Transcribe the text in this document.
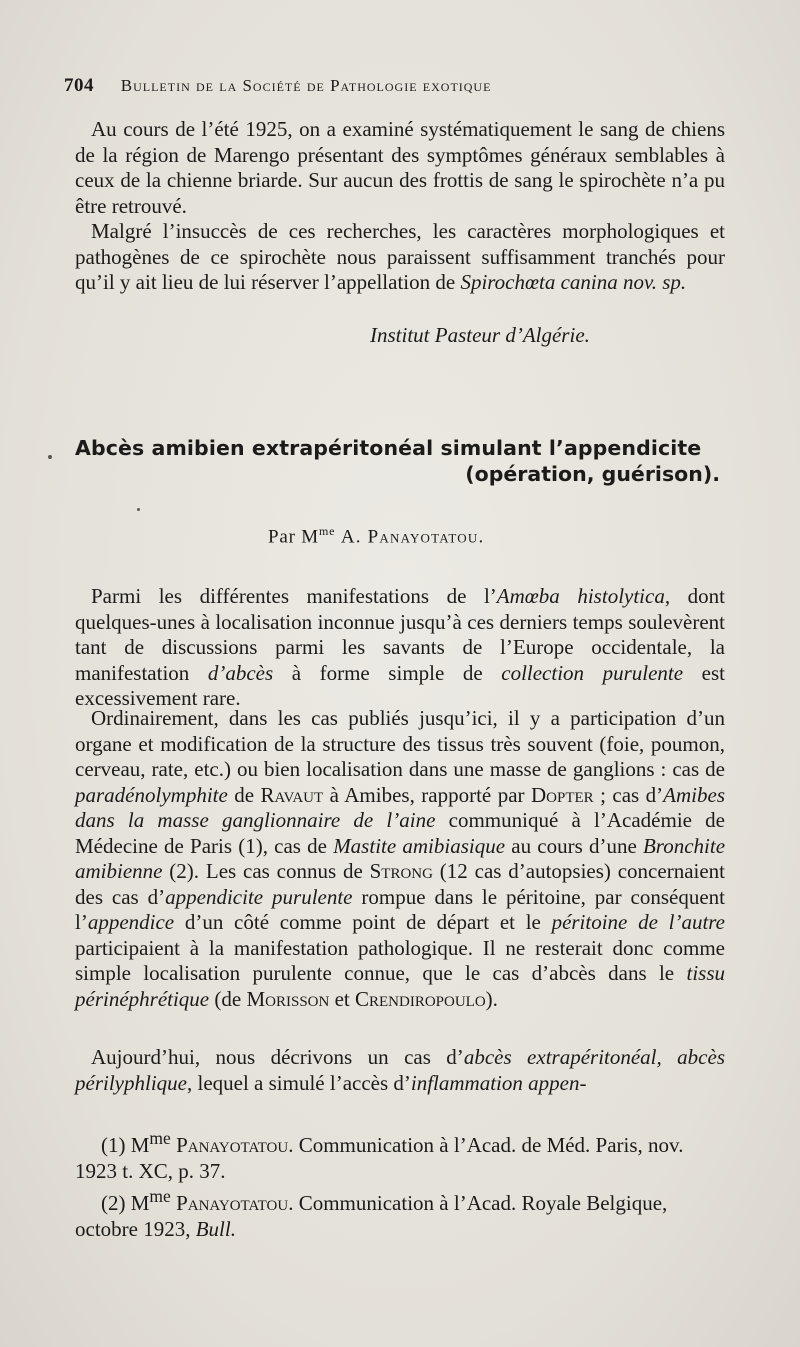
704 Bulletin de la Société de Pathologie exotique

Au cours de l’été 1925, on a examiné systématiquement le sang de chiens de la région de Marengo présentant des symptômes généraux semblables à ceux de la chienne briarde. Sur aucun des frottis de sang le spirochète n’a pu être retrouvé.

Malgré l’insuccès de ces recherches, les caractères morphologiques et pathogènes de ce spirochète nous paraissent suffisamment tranchés pour qu’il y ait lieu de lui réserver l’appellation de Spirochœta canina nov. sp.

Institut Pasteur d’Algérie.
Abcès amibien extrapéritonéal simulant l’appendicite
(opération, guérison).
Par $M^{me}$ A. Panayotatou.

Parmi les différentes manifestations de l’Amœba histolytica, dont quelques-unes à localisation inconnue jusqu’à ces derniers temps soulevèrent tant de discussions parmi les savants de l’Europe occidentale, la manifestation d’abcès à forme simple de collection purulente est excessivement rare.

Ordinairement, dans les cas publiés jusqu’ici, il y a participation d’un organe et modification de la structure des tissus très souvent (foie, poumon, cerveau, rate, etc.) ou bien localisation dans une masse de ganglions : cas de paradénolymphite de Ravaut à Amibes, rapporté par Dopter ; cas d’Amibes dans la masse ganglionnaire de l’aine communiqué à l’Académie de Médecine de Paris (1), cas de Mastite amibiasique au cours d’une Bronchite amibienne (2). Les cas connus de Strong (12 cas d’autopsies) concernaient des cas d’appendicite purulente rompue dans le péritoine, par conséquent l’appendice d’un côté comme point de départ et le péritoine de l’autre participaient à la manifestation pathologique. Il ne resterait donc comme simple localisation purulente connue, que le cas d’abcès dans le tissu périnéphrétique (de Morisson et Crendiropoulo).

Aujourd’hui, nous décrivons un cas d’abcès extrapéritonéal, abcès périlyphlique, lequel a simulé l’accès d’inflammation appen-

(1) $M^{me}$ Panayotatou. Communication à l’Acad. de Méd. Paris, nov. 1923 t. XC, p. 37.

(2) $M^{me}$ Panayotatou. Communication à l’Acad. Royale Belgique, octobre 1923, Bull.
